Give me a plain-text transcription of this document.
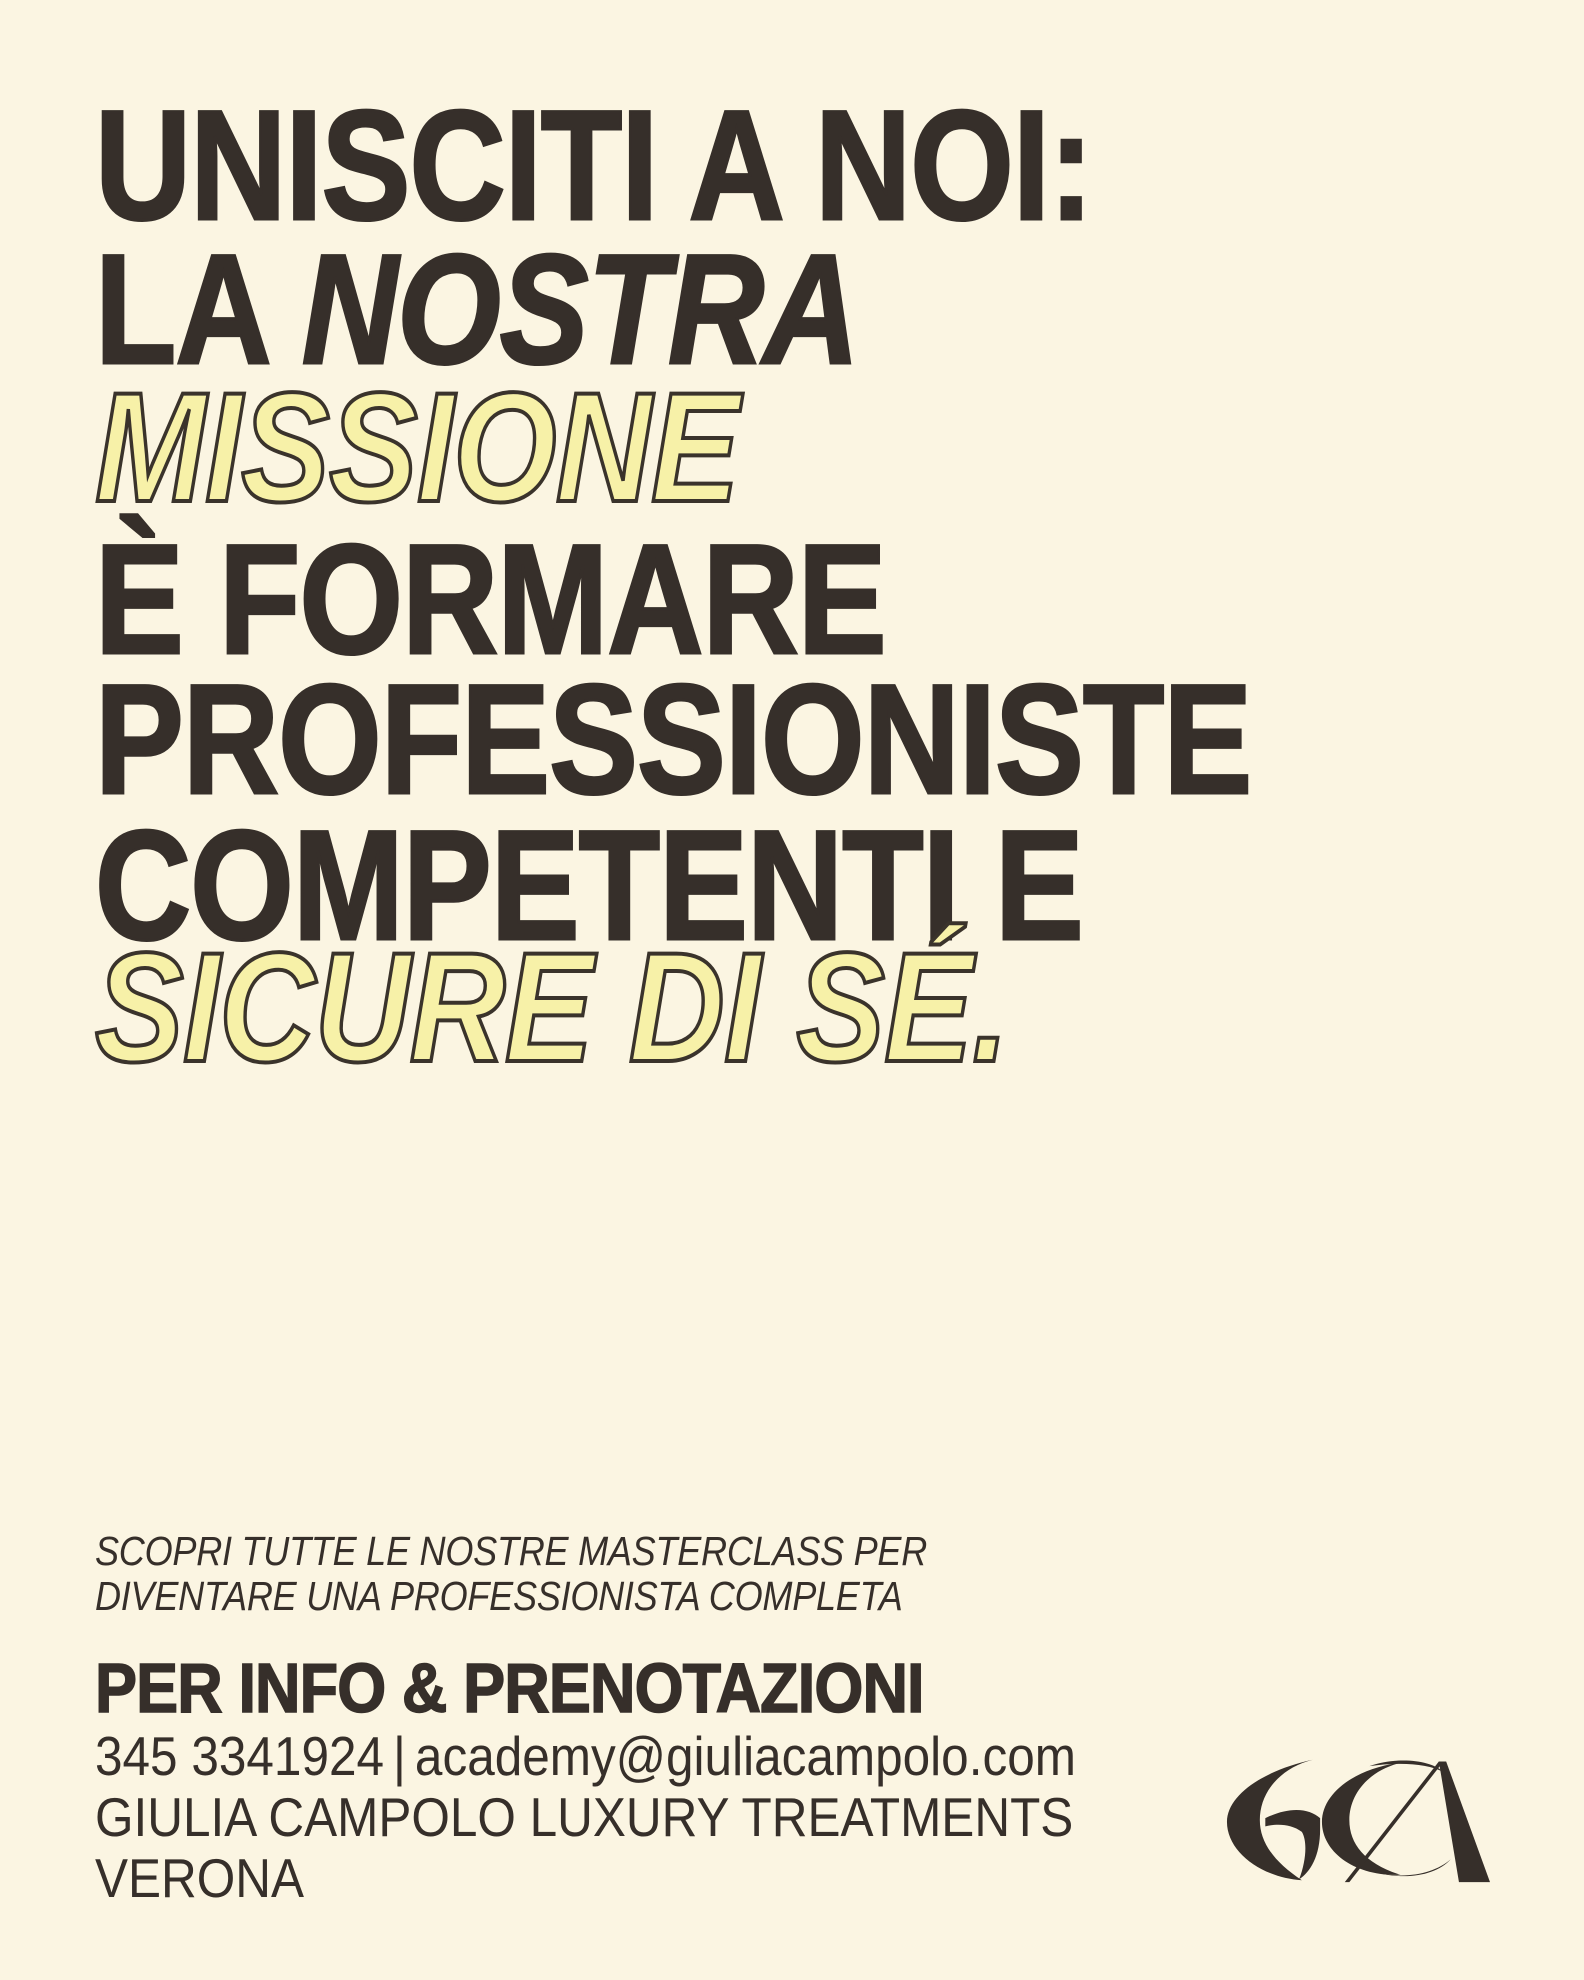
UNISCITI A NOI:

LA NOSTRA

MISSIONE

È FORMARE

PROFESSIONISTE

COMPETENTI E

SICURE DI SÉ.

SCOPRI TUTTE LE NOSTRE MASTERCLASS PER

DIVENTARE UNA PROFESSIONISTA COMPLETA

PER INFO & PRENOTAZIONI

345 3341924 | academy@giuliacampolo.com

GIULIA CAMPOLO LUXURY TREATMENTS

VERONA
